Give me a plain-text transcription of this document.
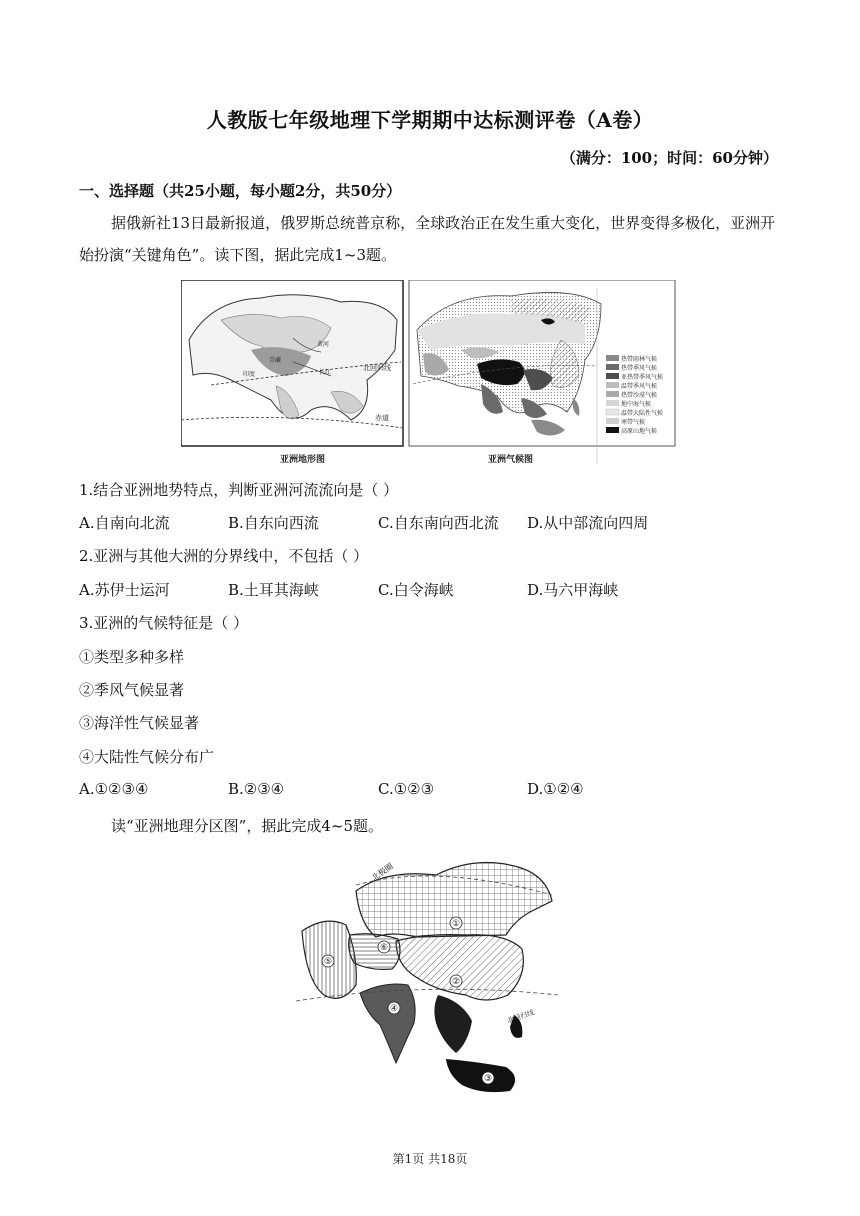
人教版七年级地理下学期期中达标测评卷（A卷）
（满分：100；时间：60分钟）
一、选择题（共25小题，每小题2分，共50分）
据俄新社13日最新报道，俄罗斯总统普京称，全球政治正在发生重大变化，世界变得多极化，亚洲开始扮演“关键角色”。读下图，据此完成1~3题。
北回归线
赤道
黄河
长江
印度
青藏	热带雨林气候
热带季风气候
亚热带季风气候
温带季风气候
热带沙漠气候
地中海气候
温带大陆性气候
寒带气候
高原山地气候
亚洲地形图	亚洲气候图
1.结合亚洲地势特点，判断亚洲河流流向是（ ）
A.自南向北流	B.自东向西流	C.自东南向西北流 D.从中部流向四周
2.亚洲与其他大洲的分界线中，不包括（ ）
A.苏伊士运河	B.土耳其海峡	C.白令海峡	D.马六甲海峡
3.亚洲的气候特征是（ ）
①类型多种多样
②季风气候显著
③海洋性气候显著
④大陆性气候分布广
A.①②③④	B.②③④	C.①②③	D.①②④
读“亚洲地理分区图”，据此完成4~5题。
北极圈
北回归线
①
②
③
④
⑤
⑥
第1页 共18页
